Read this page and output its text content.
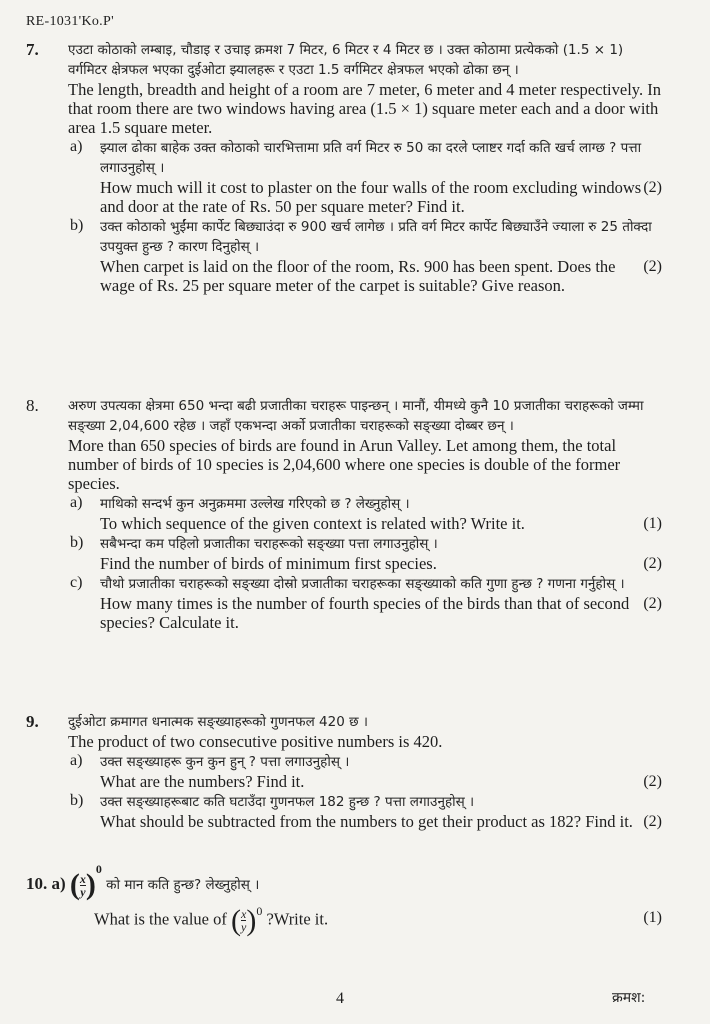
RE-1031'Ko.P'
7. एउटा कोठाको लम्बाइ, चौडाइ र उचाइ क्रमश 7 मिटर, 6 मिटर र 4 मिटर छ । उक्त कोठामा प्रत्येकको (1.5 × 1) वर्गमिटर क्षेत्रफल भएका दुईओटा झ्यालहरू र एउटा 1.5 वर्गमिटर क्षेत्रफल भएको ढोका छन् ।
The length, breadth and height of a room are 7 meter, 6 meter and 4 meter respectively. In that room there are two windows having area (1.5 × 1) square meter each and a door with area 1.5 square meter.
a) झ्याल ढोका बाहेक उक्त कोठाको चारभित्तामा प्रति वर्ग मिटर रु 50 का दरले प्लाष्टर गर्दा कति खर्च लाग्छ ? पत्ता लगाउनुहोस् ।
(2)
How much will it cost to plaster on the four walls of the room excluding windows and door at the rate of Rs. 50 per square meter? Find it.
b) उक्त कोठाको भुईंमा कार्पेट बिछ्याउंदा रु 900 खर्च लागेछ । प्रति वर्ग मिटर कार्पेट बिछ्याउँने ज्याला रु 25 तोक्दा उपयुक्त हुन्छ ? कारण दिनुहोस् ।
(2)
When carpet is laid on the floor of the room, Rs. 900 has been spent. Does the wage of Rs. 25 per square meter of the carpet is suitable? Give reason.
8. अरुण उपत्यका क्षेत्रमा 650 भन्दा बढी प्रजातीका चराहरू पाइन्छन् । मानौं, यीमध्ये कुनै 10 प्रजातीका चराहरूको जम्मा सङ्ख्या 2,04,600 रहेछ । जहाँ एकभन्दा अर्को प्रजातीका चराहरूको सङ्ख्या दोब्बर छन् ।
More than 650 species of birds are found in Arun Valley. Let among them, the total number of birds of 10 species is 2,04,600 where one species is double of the former species.
a) माथिको सन्दर्भ कुन अनुक्रममा उल्लेख गरिएको छ ? लेख्नुहोस् ।
(1)
To which sequence of the given context is related with? Write it.
b) सबैभन्दा कम पहिलो प्रजातीका चराहरूको सङ्ख्या पत्ता लगाउनुहोस् ।
(2)
Find the number of birds of minimum first species.
c) चौथो प्रजातीका चराहरूको सङ्ख्या दोस्रो प्रजातीका चराहरूका सङ्ख्याको कति गुणा हुन्छ ? गणना गर्नुहोस् ।
(2)
How many times is the number of fourth species of the birds than that of second species? Calculate it.
9. दुईओटा क्रमागत धनात्मक सङ्ख्याहरूको गुणनफल 420 छ ।
The product of two consecutive positive numbers is 420.
a) उक्त सङ्ख्याहरू कुन कुन हुन् ? पत्ता लगाउनुहोस् ।
(2)
What are the numbers? Find it.
b) उक्त सङ्ख्याहरूबाट कति घटाउँदा गुणनफल 182 हुन्छ ? पत्ता लगाउनुहोस् ।
(2)
What should be subtracted from the numbers to get their product as 182? Find it.
10. a) ( $\frac{x}{y} )^0$ को मान कति हुन्छ? लेख्नुहोस् ।
(1)
What is the value of ( $\frac{x}{y} )^0$ ?Write it.
4	क्रमश:
